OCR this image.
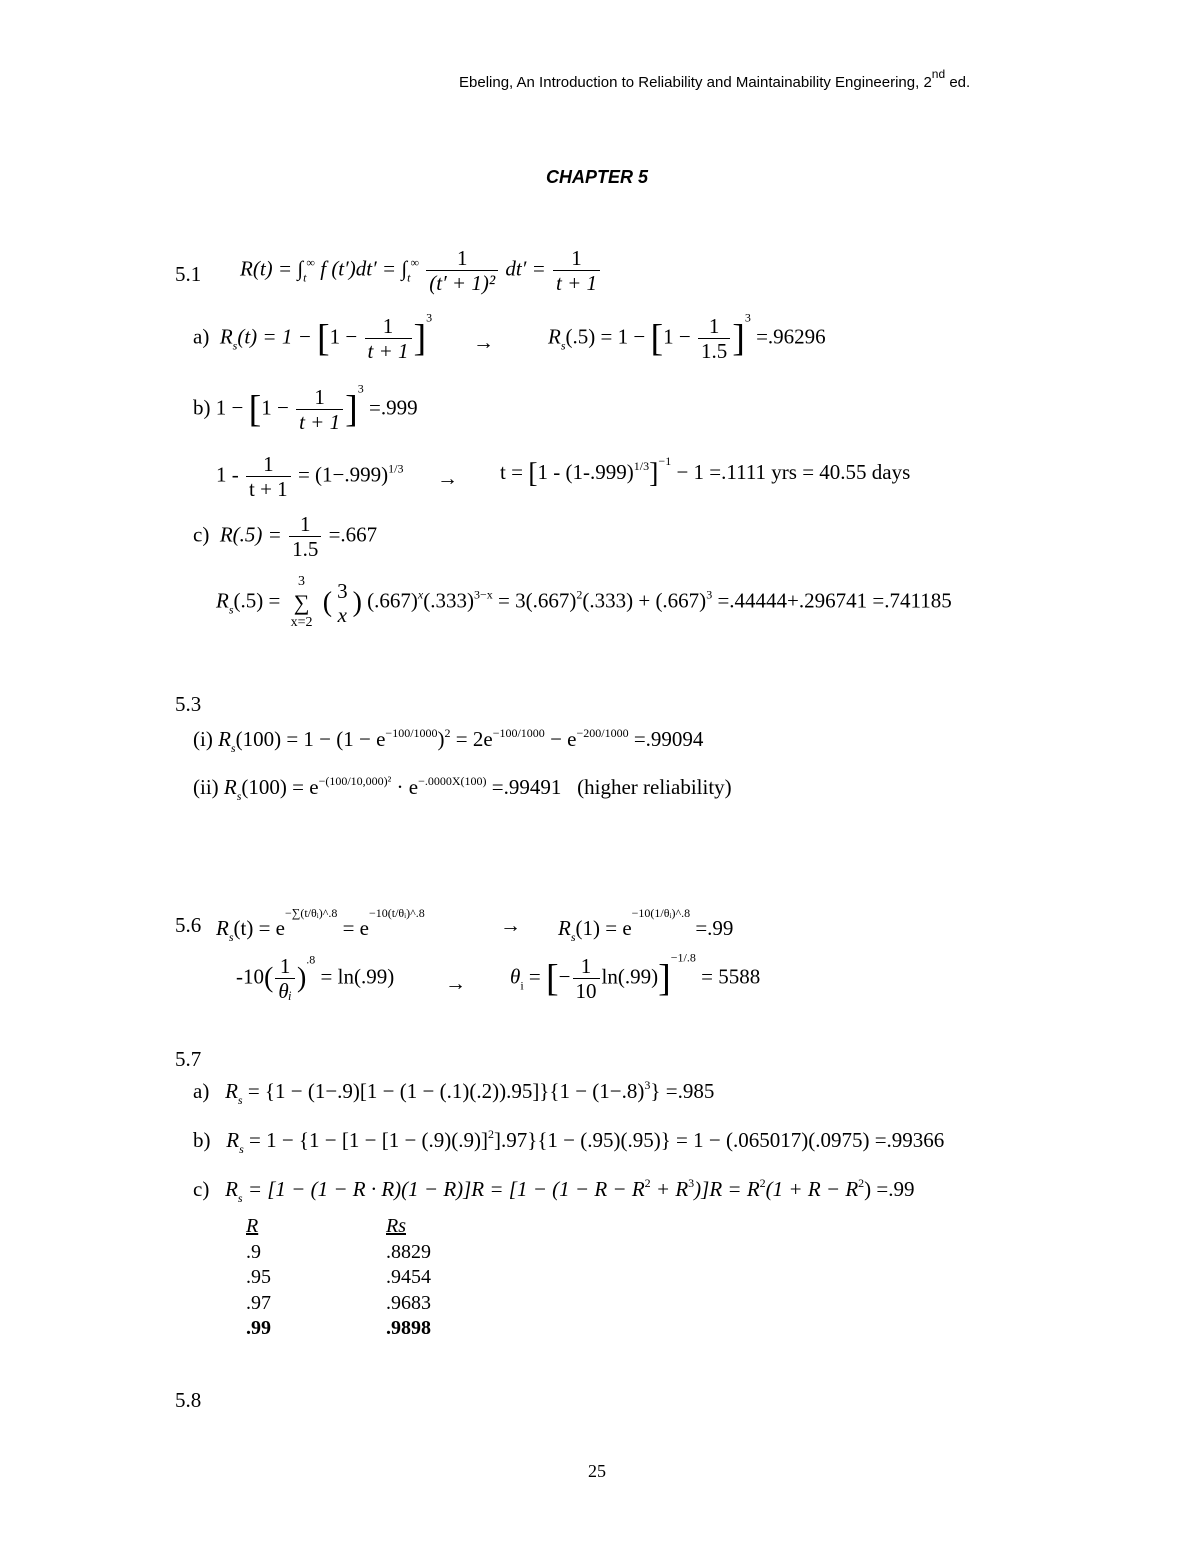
Ebeling, An Introduction to Reliability and Maintainability Engineering, 2nd ed.
CHAPTER 5
5.1 $R(t) = \int_t^\infty$ f $(t')dt' = \int_t^\infty \frac{1}{\text{(t′ + 1)²}} dt' = \frac{1}{t + 1}$
a) $R_s(t) = 1 - [1 - \frac{1}{t + 1} ]^3$
→	$R_s(.5) = 1 - [1 - \frac{1}{1.5} ]^3 =.96296$
b) $1 - [1 - \frac{1}{t + 1} ]^3 =.999$
$1 - \frac{1}{t + 1} = (1-.999)^{1/3} \to t = [1 - (1-.999)^{1/3}]^{-1} - 1 =.1111$ yrs = 40.55 days
c) $R(.5) = \frac{1}{1.5} =.667$
$R_s(.5)$ =
3
∑
x=2
( 3
x ) $(.667)^x(.333)^{3-x} = 3(.667)^2(.333) + (.667)^3 =.44444+.296741 =.741185$
5.3
(i) $R_s(100) = 1 - (1 - e^{-100/1000})^2 = 2e^{-100/1000} - e^{-200/1000} =.99094$
(ii) $R_s(100) = e^{-(100/10,000)^2} \cdot e^{-.0000X(100)} =.99491$ (higher reliability)
5.6 $R_s(t) = e^{-\sum(t/\theta ᵢ)\^{}.8} = e^{-10(t/\theta ᵢ)\^{}.8}$	→ $R_s(1) = e^{-10(1/\theta ᵢ)\^{}.8} =.99$
$-10( \frac{1}{\text{θᵢ}} )^{.8} = \ln(.99) \to \theta_i$ = [− $\frac{1}{10} \ln(.99)]^{-1/.8} = 5588$
5.7
a) $R_s = \{1 - (1-.9)[1 - (1 - (.1)(.2)).95]\}\{1 - (1-.8)^3\} =.985$
b) $R_s = 1 - \{1 - [1 - [1 - (.9)(.9)]^2].97\}\{1 - (.95)(.95)\} = 1 - (.065017)(.0975) =.99366$
c) $R_s = [1 - (1 - R \cdot R)(1 - R)]R = [1 - (1 - R - R^2 + R^3)]R = R^2(1 + R - R^2) =.99$
R	Rs
.9	.8829
.95	.9454
.97	.9683
.99	.9898
5.8
25
